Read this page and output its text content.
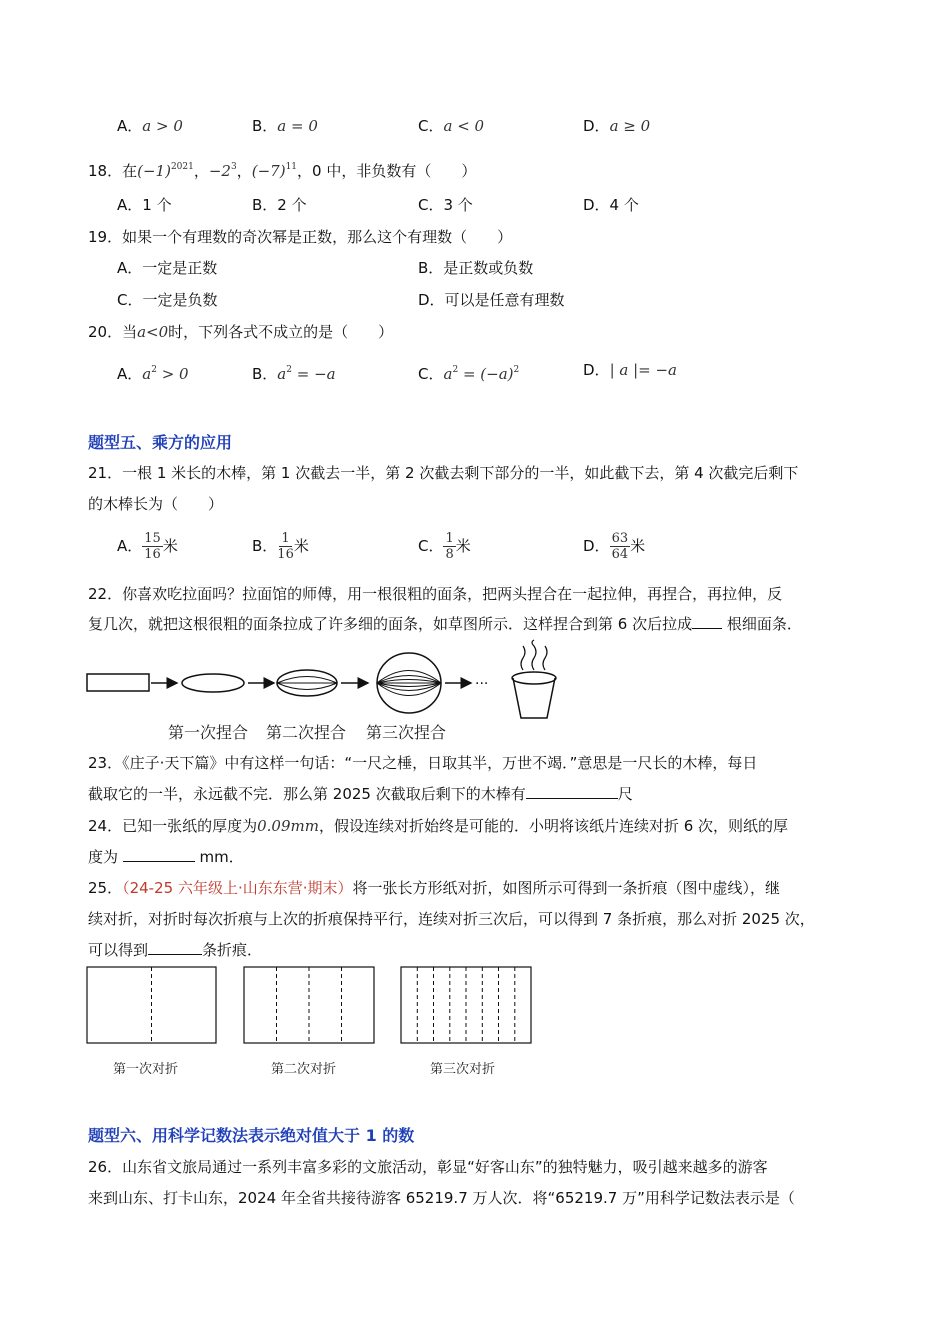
A．a > 0	B．a = 0	C．a < 0	D．a ≥ 0
18．在$(-1)^{2021}$，$-2^3$，$(-7)^{11}$，0 中，非负数有（　　）
A．1 个	B．2 个	C．3 个	D．4 个
19．如果一个有理数的奇次幂是正数，那么这个有理数（　　）
A．一定是正数	B．是正数或负数
C．一定是负数	D．可以是任意有理数
20．当a<0时，下列各式不成立的是（　　）
A．$a^2 > 0$	B．$a^2 = -a$	C．$a^2 = (-a)^2$	D．| a |= −a
题型五、乘方的应用
21．一根 1 米长的木棒，第 1 次截去一半，第 2 次截去剩下部分的一半，如此截下去，第 4 次截完后剩下
的木棒长为（　　）
A． $\frac{15}{16}$ 米	B． $\frac{1}{16}$ 米	C． $\frac{1}{8}$ 米	D． $\frac{63}{64}$ 米
22．你喜欢吃拉面吗？拉面馆的师傅，用一根很粗的面条，把两头捏合在一起拉伸，再捏合，再拉伸，反
复几次，就把这根很粗的面条拉成了许多细的面条，如草图所示．这样捏合到第 6 次后拉成 根细面条．
···
第一次捏合 第二次捏合 第三次捏合
23．《庄子·天下篇》中有这样一句话：“一尺之棰，日取其半，万世不竭．”意思是一尺长的木棒，每日
截取它的一半，永远截不完．那么第 2025 次截取后剩下的木棒有	尺
24．已知一张纸的厚度为0.09mm，假设连续对折始终是可能的．小明将该纸片连续对折 6 次，则纸的厚
度为	mm．
25．（24-25 六年级上·山东东营·期末）将一张长方形纸对折，如图所示可得到一条折痕（图中虚线），继
续对折，对折时每次折痕与上次的折痕保持平行，连续对折三次后，可以得到 7 条折痕，那么对折 2025 次，
可以得到	条折痕．
第一次对折	第二次对折	第三次对折
题型六、用科学记数法表示绝对值大于 1 的数
26．山东省文旅局通过一系列丰富多彩的文旅活动，彰显“好客山东”的独特魅力，吸引越来越多的游客
来到山东、打卡山东，2024 年全省共接待游客 65219.7 万人次．将“65219.7 万”用科学记数法表示是（
